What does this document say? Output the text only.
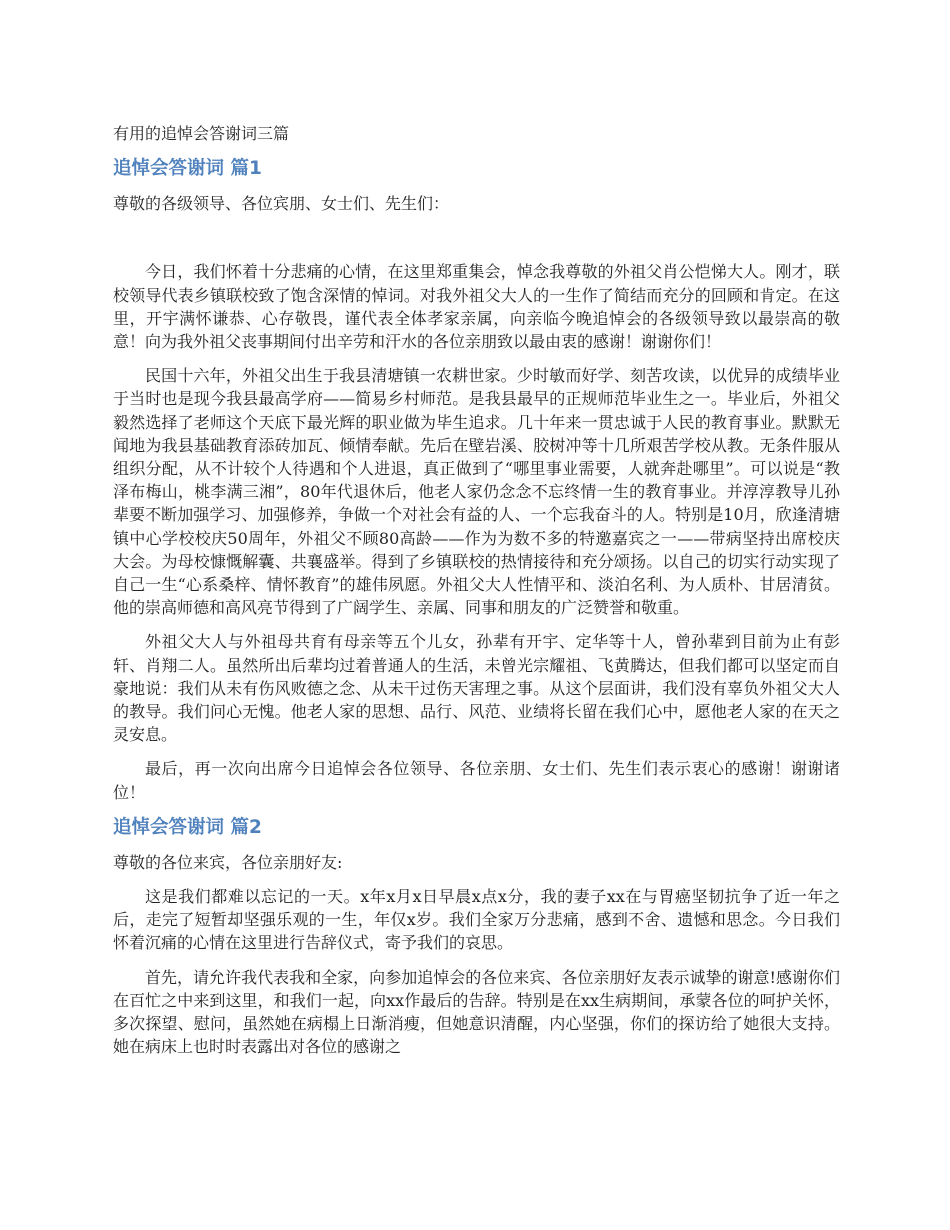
有用的追悼会答谢词三篇
追悼会答谢词 篇1
尊敬的各级领导、各位宾朋、女士们、先生们：

今日，我们怀着十分悲痛的心情，在这里郑重集会，悼念我尊敬的外祖父肖公恺悌大人。刚才，联校领导代表乡镇联校致了饱含深情的悼词。对我外祖父大人的一生作了简结而充分的回顾和肯定。在这里，开宇满怀谦恭、心存敬畏，谨代表全体孝家亲属，向亲临今晚追悼会的各级领导致以最崇高的敬意！向为我外祖父丧事期间付出辛劳和汗水的各位亲朋致以最由衷的感谢！谢谢你们！

民国十六年，外祖父出生于我县清塘镇一农耕世家。少时敏而好学、刻苦攻读，以优异的成绩毕业于当时也是现今我县最高学府——简易乡村师范。是我县最早的正规师范毕业生之一。毕业后，外祖父毅然选择了老师这个天底下最光辉的职业做为毕生追求。几十年来一贯忠诚于人民的教育事业。默默无闻地为我县基础教育添砖加瓦、倾情奉献。先后在壁岩溪、胶树冲等十几所艰苦学校从教。无条件服从组织分配，从不计较个人待遇和个人进退，真正做到了“哪里事业需要，人就奔赴哪里”。可以说是“教泽布梅山，桃李满三湘”，80年代退休后，他老人家仍念念不忘终情一生的教育事业。并淳淳教导儿孙辈要不断加强学习、加强修养，争做一个对社会有益的人、一个忘我奋斗的人。特别是10月，欣逢清塘镇中心学校校庆50周年，外祖父不顾80高龄——作为为数不多的特邀嘉宾之一——带病坚持出席校庆大会。为母校慷慨解囊、共襄盛举。得到了乡镇联校的热情接待和充分颂扬。以自己的切实行动实现了自己一生“心系桑梓、情怀教育”的雄伟夙愿。外祖父大人性情平和、淡泊名利、为人质朴、甘居清贫。他的崇高师德和高风亮节得到了广阔学生、亲属、同事和朋友的广泛赞誉和敬重。

外祖父大人与外祖母共育有母亲等五个儿女，孙辈有开宇、定华等十人，曾孙辈到目前为止有彭轩、肖翔二人。虽然所出后辈均过着普通人的生活，未曾光宗耀祖、飞黄腾达，但我们都可以坚定而自豪地说：我们从未有伤风败德之念、从未干过伤天害理之事。从这个层面讲，我们没有辜负外祖父大人的教导。我们问心无愧。他老人家的思想、品行、风范、业绩将长留在我们心中，愿他老人家的在天之灵安息。

最后，再一次向出席今日追悼会各位领导、各位亲朋、女士们、先生们表示衷心的感谢！谢谢诸位！

追悼会答谢词 篇2
尊敬的各位来宾，各位亲朋好友:

这是我们都难以忘记的一天。x年x月x日早晨x点x分，我的妻子xx在与胃癌坚韧抗争了近一年之后，走完了短暂却坚强乐观的一生，年仅x岁。我们全家万分悲痛，感到不舍、遗憾和思念。今日我们怀着沉痛的心情在这里进行告辞仪式，寄予我们的哀思。

首先，请允许我代表我和全家，向参加追悼会的各位来宾、各位亲朋好友表示诚挚的谢意!感谢你们在百忙之中来到这里，和我们一起，向xx作最后的告辞。特别是在xx生病期间，承蒙各位的呵护关怀，多次探望、慰问，虽然她在病榻上日渐消瘦，但她意识清醒，内心坚强，你们的探访给了她很大支持。她在病床上也时时表露出对各位的感谢之
